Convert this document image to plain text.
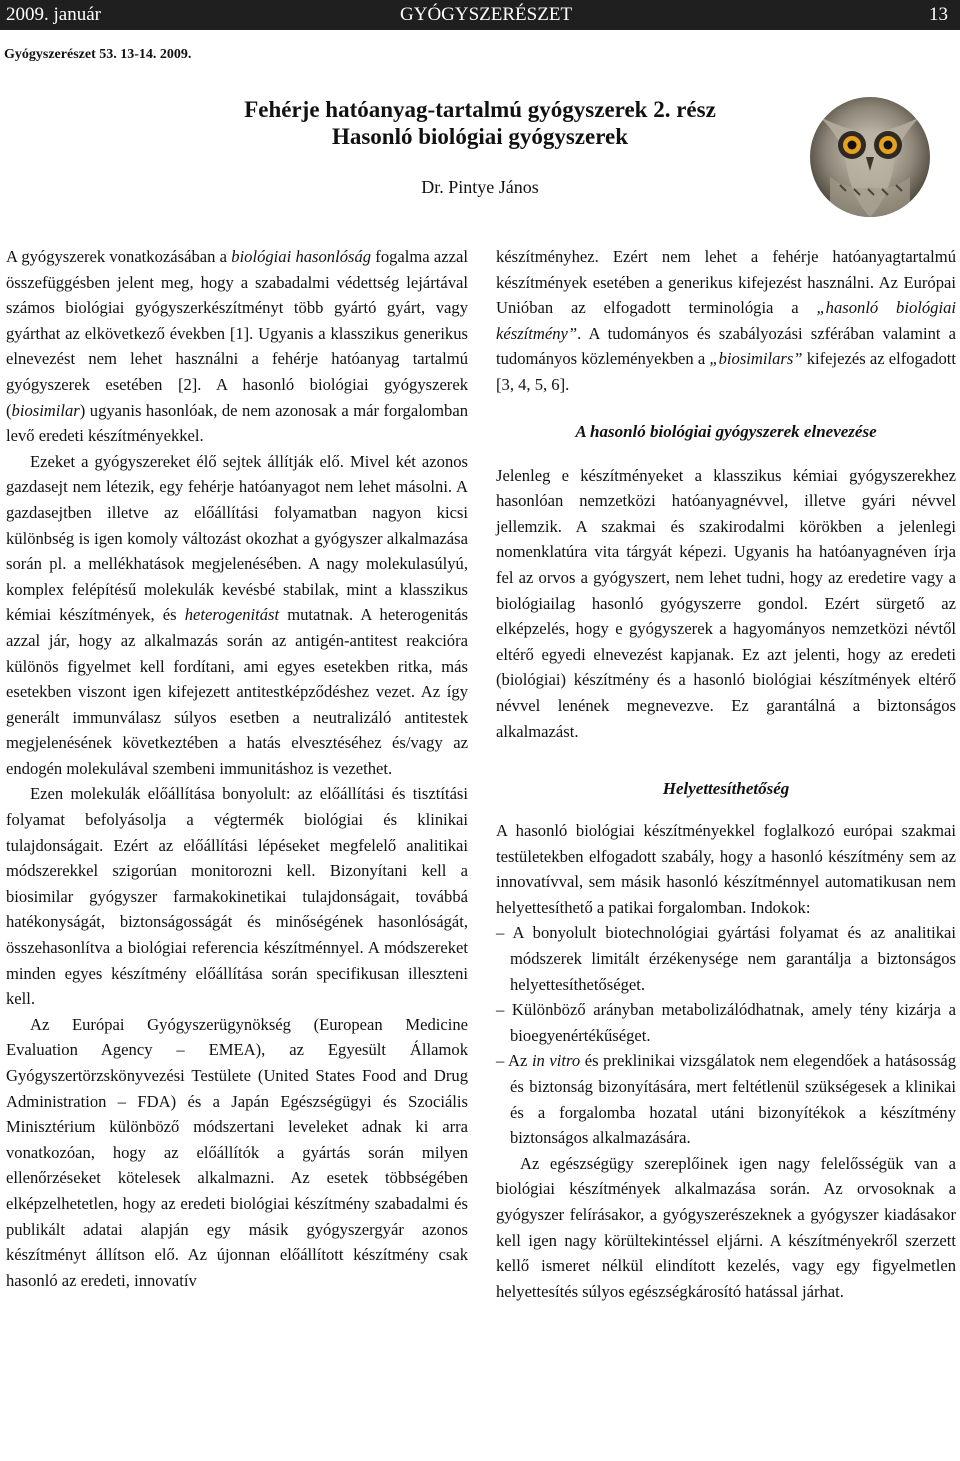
2009. január	GYÓGYSZERÉSZET	13
Gyógyszerészet 53. 13-14. 2009.
Fehérje hatóanyag-tartalmú gyógyszerek 2. rész
Hasonló biológiai gyógyszerek
Dr. Pintye János

A gyógyszerek vonatkozásában a biológiai hasonlóság fogalma azzal összefüggésben jelent meg, hogy a szabadalmi védettség lejártával számos biológiai gyógyszerkészítményt több gyártó gyárt, vagy gyárthat az elkövetkező években [1]. Ugyanis a klasszikus generikus elnevezést nem lehet használni a fehérje hatóanyag tartalmú gyógyszerek esetében [2]. A hasonló biológiai gyógyszerek (biosimilar) ugyanis hasonlóak, de nem azonosak a már forgalomban levő eredeti készítményekkel.

Ezeket a gyógyszereket élő sejtek állítják elő. Mivel két azonos gazdasejt nem létezik, egy fehérje hatóanyagot nem lehet másolni. A gazdasejtben illetve az előállítási folyamatban nagyon kicsi különbség is igen komoly változást okozhat a gyógyszer alkalmazása során pl. a mellékhatások megjelenésében. A nagy molekulasúlyú, komplex felépítésű molekulák kevésbé stabilak, mint a klasszikus kémiai készítmények, és heterogenitást mutatnak. A heterogenitás azzal jár, hogy az alkalmazás során az antigén-antitest reakcióra különös figyelmet kell fordítani, ami egyes esetekben ritka, más esetekben viszont igen kifejezett antitestképződéshez vezet. Az így generált immunválasz súlyos esetben a neutralizáló antitestek megjelenésének következtében a hatás elvesztéséhez és/vagy az endogén molekulával szembeni immunitáshoz is vezethet.

Ezen molekulák előállítása bonyolult: az előállítási és tisztítási folyamat befolyásolja a végtermék biológiai és klinikai tulajdonságait. Ezért az előállítási lépéseket megfelelő analitikai módszerekkel szigorúan monitorozni kell. Bizonyítani kell a biosimilar gyógyszer farmakokinetikai tulajdonságait, továbbá hatékonyságát, biztonságosságát és minőségének hasonlóságát, összehasonlítva a biológiai referencia készítménnyel. A módszereket minden egyes készítmény előállítása során specifikusan illeszteni kell.

Az Európai Gyógyszerügynökség (European Medicine Evaluation Agency – EMEA), az Egyesült Államok Gyógyszertörzskönyvezési Testülete (United States Food and Drug Administration – FDA) és a Japán Egészségügyi és Szociális Minisztérium különböző módszertani leveleket adnak ki arra vonatkozóan, hogy az előállítók a gyártás során milyen ellenőrzéseket kötelesek alkalmazni. Az esetek többségében elképzelhetetlen, hogy az eredeti biológiai készítmény szabadalmi és publikált adatai alapján egy másik gyógyszergyár azonos készítményt állítson elő. Az újonnan előállított készítmény csak hasonló az eredeti, innovatív

készítményhez. Ezért nem lehet a fehérje hatóanyagtartalmú készítmények esetében a generikus kifejezést használni. Az Európai Unióban az elfogadott terminológia a „hasonló biológiai készítmény”. A tudományos és szabályozási szférában valamint a tudományos közleményekben a „biosimilars” kifejezés az elfogadott [3, 4, 5, 6].

A hasonló biológiai gyógyszerek elnevezése

Jelenleg e készítményeket a klasszikus kémiai gyógyszerekhez hasonlóan nemzetközi hatóanyagnévvel, illetve gyári névvel jellemzik. A szakmai és szakirodalmi körökben a jelenlegi nomenklatúra vita tárgyát képezi. Ugyanis ha hatóanyagnéven írja fel az orvos a gyógyszert, nem lehet tudni, hogy az eredetire vagy a biológiailag hasonló gyógyszerre gondol. Ezért sürgető az elképzelés, hogy e gyógyszerek a hagyományos nemzetközi névtől eltérő egyedi elnevezést kapjanak. Ez azt jelenti, hogy az eredeti (biológiai) készítmény és a hasonló biológiai készítmények eltérő névvel lenének megnevezve. Ez garantálná a biztonságos alkalmazást.

Helyettesíthetőség

A hasonló biológiai készítményekkel foglalkozó európai szakmai testületekben elfogadott szabály, hogy a hasonló készítmény sem az innovatívval, sem másik hasonló készítménnyel automatikusan nem helyettesíthető a patikai forgalomban. Indokok:

– A bonyolult biotechnológiai gyártási folyamat és az analitikai módszerek limitált érzékenysége nem garantálja a biztonságos helyettesíthetőséget.
– Különböző arányban metabolizálódhatnak, amely tény kizárja a bioegyenértékűséget.
– Az in vitro és preklinikai vizsgálatok nem elegendőek a hatásosság és biztonság bizonyítására, mert feltétlenül szükségesek a klinikai és a forgalomba hozatal utáni bizonyítékok a készítmény biztonságos alkalmazására.

Az egészségügy szereplőinek igen nagy felelősségük van a biológiai készítmények alkalmazása során. Az orvosoknak a gyógyszer felírásakor, a gyógyszerészeknek a gyógyszer kiadásakor kell igen nagy körültekintéssel eljárni. A készítményekről szerzett kellő ismeret nélkül elindított kezelés, vagy egy figyelmetlen helyettesítés súlyos egészségkárosító hatással járhat.
